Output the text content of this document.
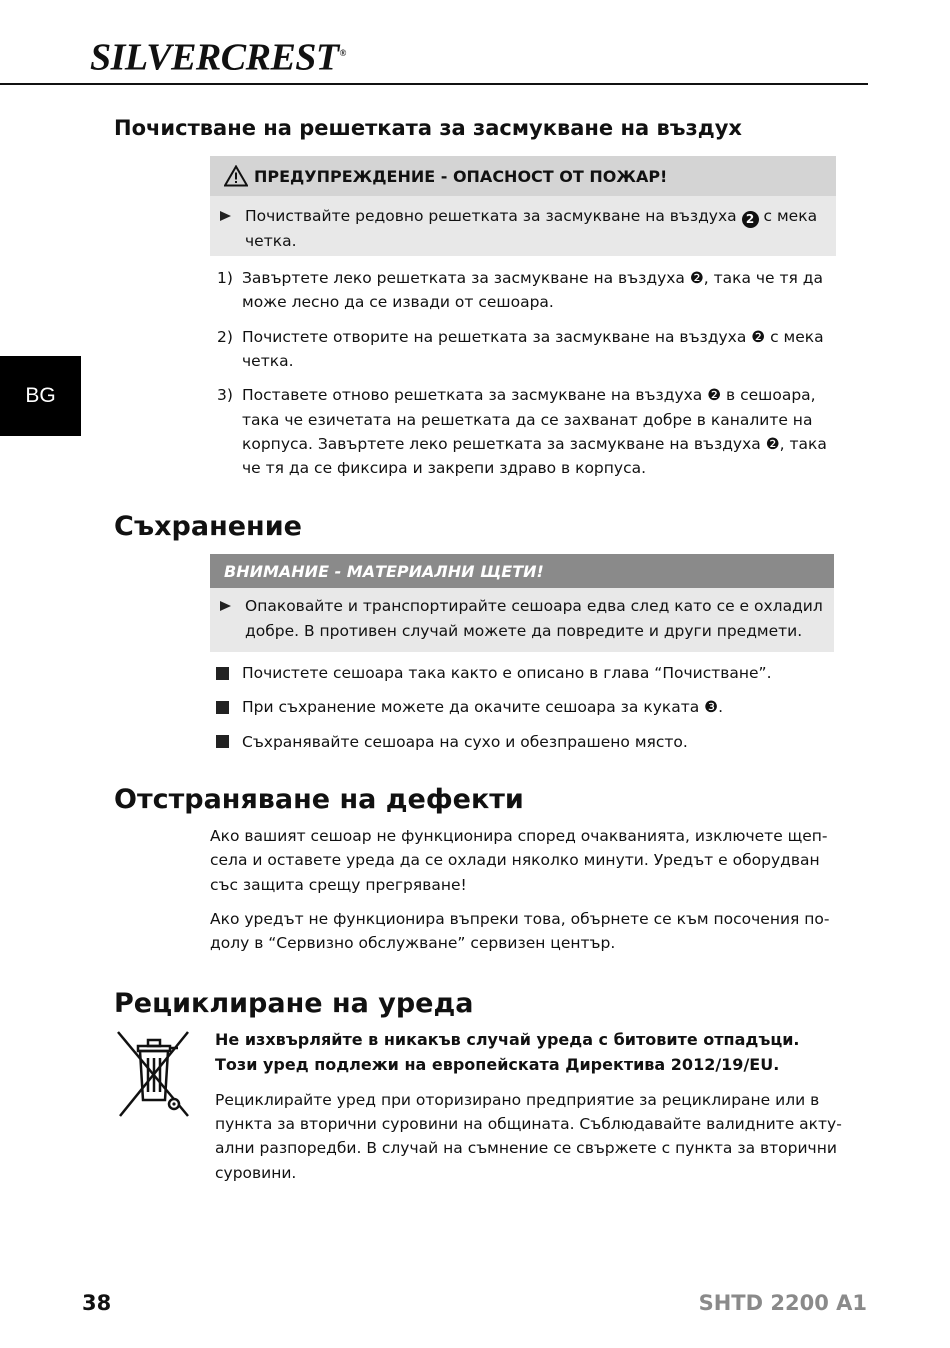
SILVERCREST®
BG
Почистване на решетката за засмукване на въздух
ПРЕДУПРЕЖДЕНИЕ - ОПАСНОСТ ОТ ПОЖАР!
Почиствайте редовно решетката за засмукване на въздуха 2 с мека
четка.
1) Завъртете леко решетката за засмукване на въздуха ❷, така че тя да
може лесно да се извади от сешоара.
2) Почистете отворите на решетката за засмукване на въздуха ❷ с мека
четка.
3) Поставете отново решетката за засмукване на въздуха ❷ в сешоара,
така че езичетата на решетката да се захванат добре в каналите на
корпуса. Завъртете леко решетката за засмукване на въздуха ❷, така
че тя да се фиксира и закрепи здраво в корпуса.
Съхранение
ВНИМАНИЕ - МАТЕРИАЛНИ ЩЕТИ!
Опаковайте и транспортирайте сешоара едва след като се е охладил
добре. В противен случай можете да повредите и други предмети.
Почистете сешоара така както е описано в глава “Почистване”.
При съхранение можете да окачите сешоара за куката ❸.
Съхранявайте сешоара на сухо и обезпрашено място.
Отстраняване на дефекти
Ако вашият сешоар не функционира според очакванията, изключете щеп-
села и оставете уреда да се охлади няколко минути. Уредът е оборудван
със защита срещу прегряване!
Ако уредът не функционира въпреки това, обърнете се към посочения по-
долу в “Сервизно обслужване” сервизен център.
Рециклиране на уреда
Не изхвърляйте в никакъв случай уреда с битовите отпадъци.
Този уред подлежи на европейската Директива 2012/19/EU.
Рециклирайте уред при оторизирано предприятие за рециклиране или в
пункта за вторични суровини на общината. Съблюдавайте валидните акту-
ални разпоредби. В случай на съмнение се свържете с пункта за вторични
суровини.
38	SHTD 2200 A1
